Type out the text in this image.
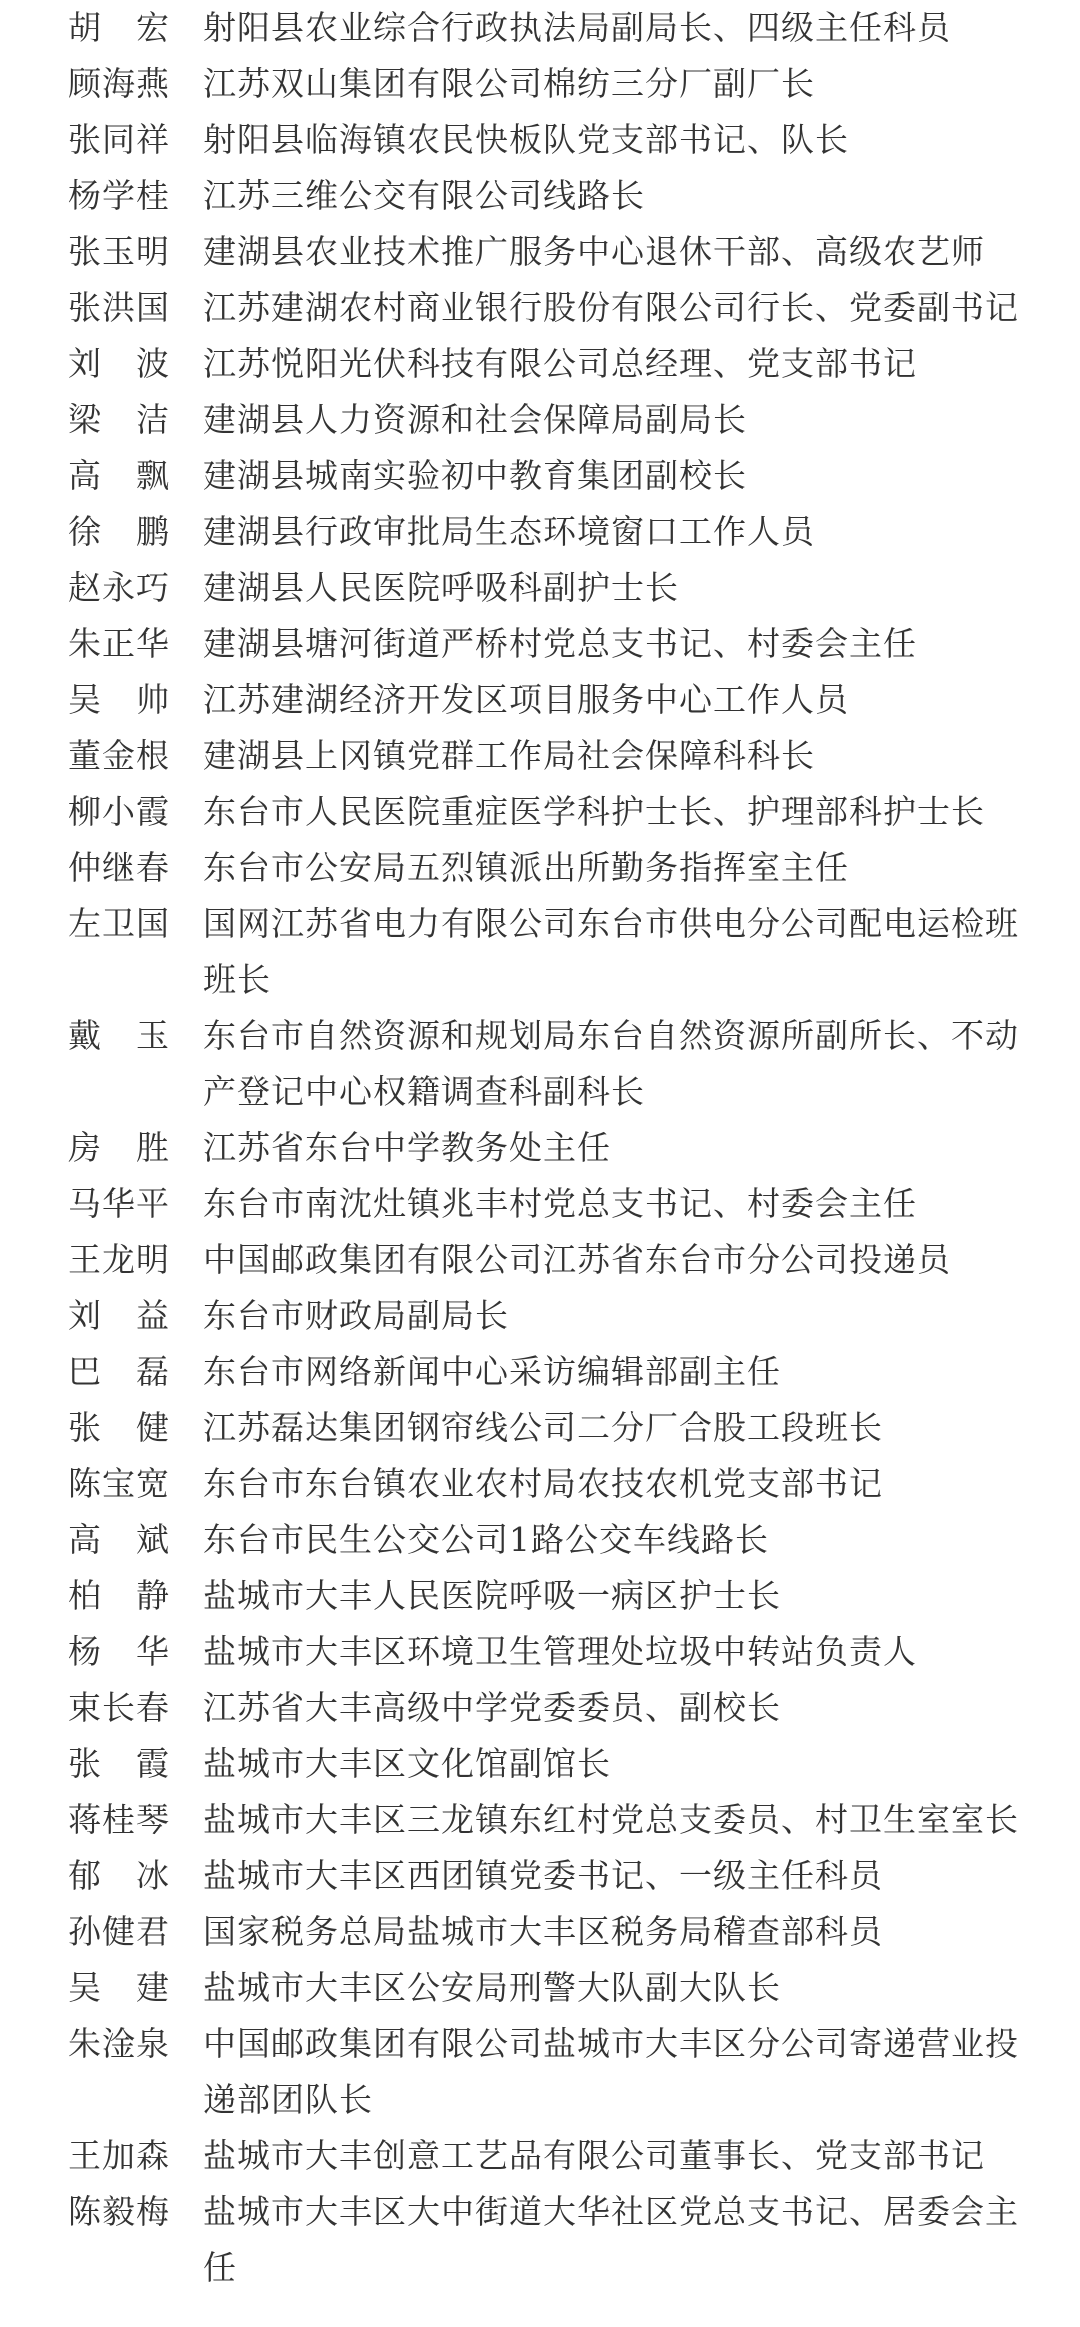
胡　宏	射阳县农业综合行政执法局副局长、四级主任科员
顾海燕	江苏双山集团有限公司棉纺三分厂副厂长
张同祥	射阳县临海镇农民快板队党支部书记、队长
杨学桂	江苏三维公交有限公司线路长
张玉明	建湖县农业技术推广服务中心退休干部、高级农艺师
张洪国	江苏建湖农村商业银行股份有限公司行长、党委副书记
刘　波	江苏悦阳光伏科技有限公司总经理、党支部书记
梁　洁	建湖县人力资源和社会保障局副局长
高　飘	建湖县城南实验初中教育集团副校长
徐　鹏	建湖县行政审批局生态环境窗口工作人员
赵永巧	建湖县人民医院呼吸科副护士长
朱正华	建湖县塘河街道严桥村党总支书记、村委会主任
吴　帅	江苏建湖经济开发区项目服务中心工作人员
董金根	建湖县上冈镇党群工作局社会保障科科长
柳小霞	东台市人民医院重症医学科护士长、护理部科护士长
仲继春	东台市公安局五烈镇派出所勤务指挥室主任
左卫国	国网江苏省电力有限公司东台市供电分公司配电运检班班长
戴　玉	东台市自然资源和规划局东台自然资源所副所长、不动产登记中心权籍调查科副科长
房　胜	江苏省东台中学教务处主任
马华平	东台市南沈灶镇兆丰村党总支书记、村委会主任
王龙明	中国邮政集团有限公司江苏省东台市分公司投递员
刘　益	东台市财政局副局长
巴　磊	东台市网络新闻中心采访编辑部副主任
张　健	江苏磊达集团钢帘线公司二分厂合股工段班长
陈宝宽	东台市东台镇农业农村局农技农机党支部书记
高　斌	东台市民生公交公司1路公交车线路长
柏　静	盐城市大丰人民医院呼吸一病区护士长
杨　华	盐城市大丰区环境卫生管理处垃圾中转站负责人
束长春	江苏省大丰高级中学党委委员、副校长
张　霞	盐城市大丰区文化馆副馆长
蒋桂琴	盐城市大丰区三龙镇东红村党总支委员、村卫生室室长
郁　冰	盐城市大丰区西团镇党委书记、一级主任科员
孙健君	国家税务总局盐城市大丰区税务局稽查部科员
吴　建	盐城市大丰区公安局刑警大队副大队长
朱淦泉	中国邮政集团有限公司盐城市大丰区分公司寄递营业投递部团队长
王加森	盐城市大丰创意工艺品有限公司董事长、党支部书记
陈毅梅	盐城市大丰区大中街道大华社区党总支书记、居委会主任
